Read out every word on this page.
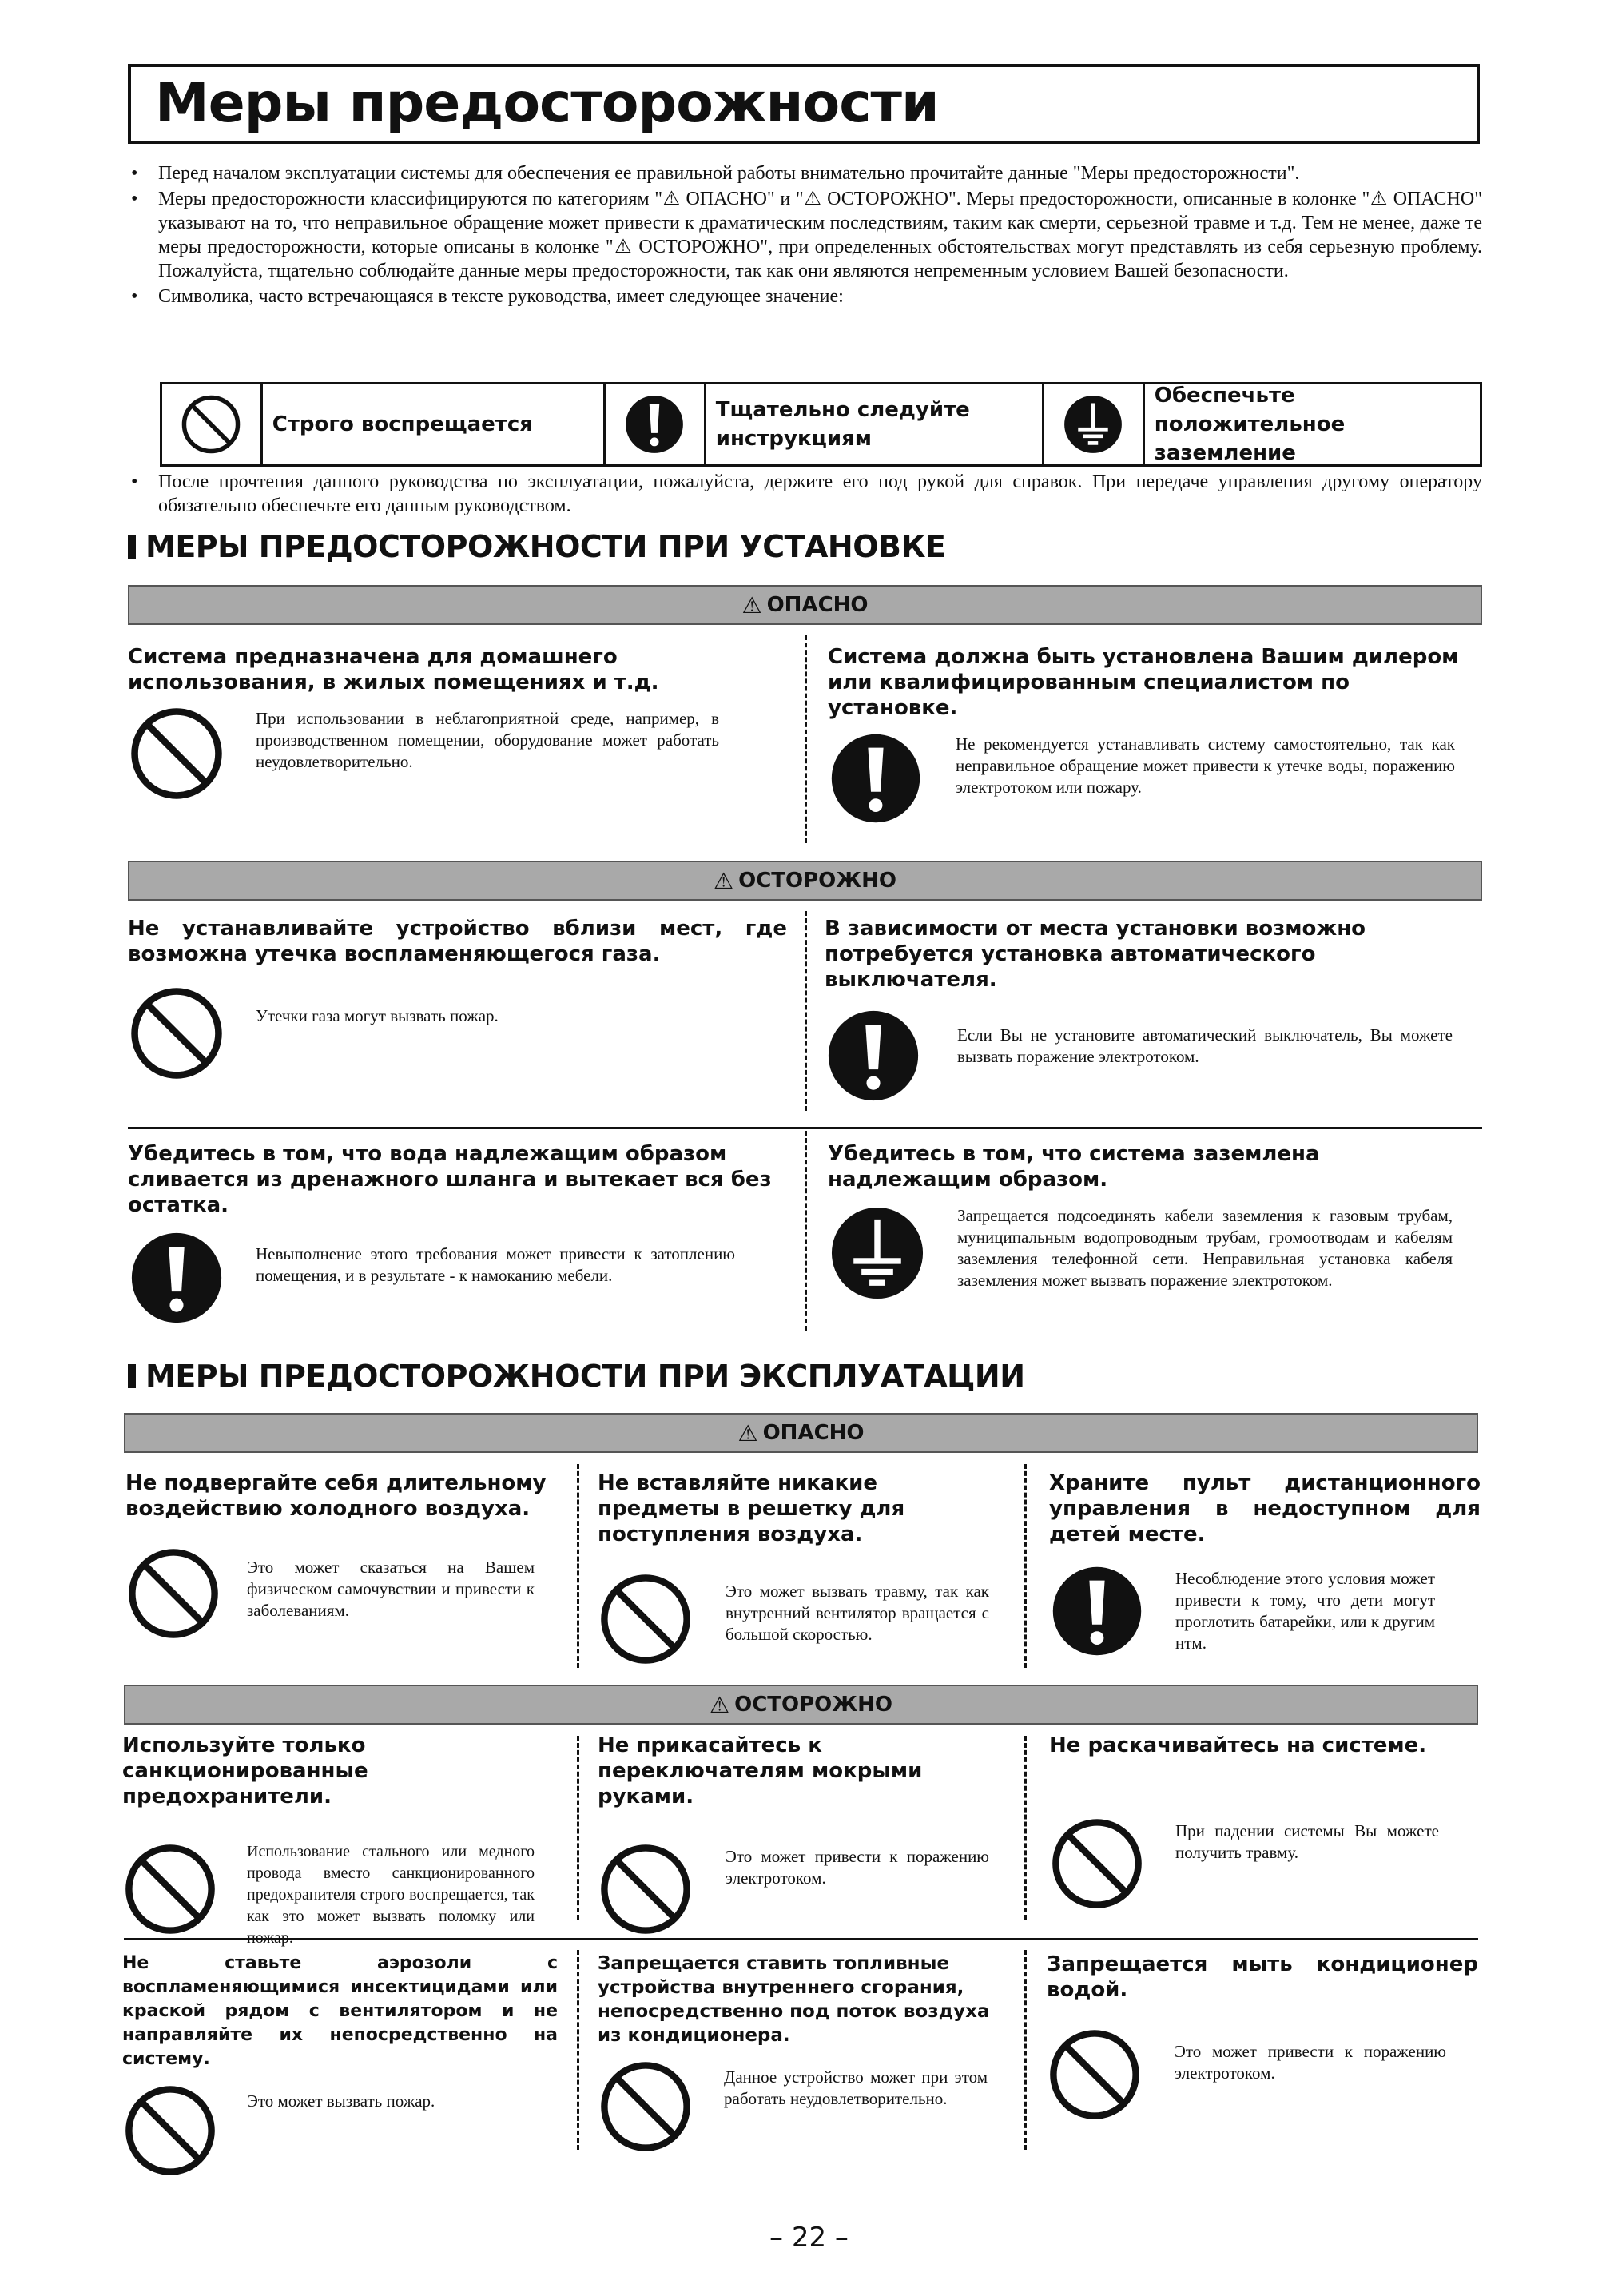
Меры предосторожности
• Перед началом эксплуатации системы для обеспечения ее правильной работы внимательно прочитайте данные "Меры предосторожности".
• Меры предосторожности классифицируются по категориям "⚠ ОПАСНО" и "⚠ ОСТОРОЖНО". Меры предосторожности, описанные в колонке "⚠ ОПАСНО" указывают на то, что неправильное обращение может привести к драматическим последствиям, таким как смерти, серьезной травме и т.д. Тем не менее, даже те меры предосторожности, которые описаны в колонке "⚠ ОСТОРОЖНО", при определенных обстоятельствах могут представлять из себя серьезную проблему. Пожалуйста, тщательно соблюдайте данные меры предосторожности, так как они являются непременным условием Вашей безопасности.
• Символика, часто встречающаяся в тексте руководства, имеет следующее значение:
Строго воспрещается
Тщательно следуйте инструкциям
Обеспечьте положительное заземление
• После прочтения данного руководства по эксплуатации, пожалуйста, держите его под рукой для справок. При передаче управления другому оператору обязательно обеспечьте его данным руководством.
МЕРЫ ПРЕДОСТОРОЖНОСТИ ПРИ УСТАНОВКЕ
⚠ ОПАСНО
Система предназначена для домашнего использования, в жилых помещениях и т.д.
При использовании в неблагоприятной среде, например, в производственном помещении, оборудование может работать неудовлетворительно.
Система должна быть установлена Вашим дилером или квалифицированным специалистом по установке.
Не рекомендуется устанавливать систему самостоятельно, так как неправильное обращение может привести к утечке воды, поражению электротоком или пожару.
⚠ ОСТОРОЖНО
Не устанавливайте устройство вблизи мест, где возможна утечка воспламеняющегося газа.
Утечки газа могут вызвать пожар.
В зависимости от места установки возможно потребуется установка автоматического выключателя.
Если Вы не установите автоматический выключатель, Вы можете вызвать поражение электротоком.
Убедитесь в том, что вода надлежащим образом сливается из дренажного шланга и вытекает вся без остатка.
Невыполнение этого требования может привести к затоплению помещения, и в результате - к намоканию мебели.
Убедитесь в том, что система заземлена надлежащим образом.
Запрещается подсоединять кабели заземления к газовым трубам, муниципальным водопроводным трубам, громоотводам и кабелям заземления телефонной сети. Неправильная установка кабеля заземления может вызвать поражение электротоком.
МЕРЫ ПРЕДОСТОРОЖНОСТИ ПРИ ЭКСПЛУАТАЦИИ
⚠ ОПАСНО
Не подвергайте себя длительному воздействию холодного воздуха.
Это может сказаться на Вашем физическом самочувствии и привести к заболеваниям.
Не вставляйте никакие предметы в решетку для поступления воздуха.
Это может вызвать травму, так как внутренний вентилятор вращается с большой скоростью.
Храните пульт дистанционного управления в недоступном для детей месте.
Несоблюдение этого условия может привести к тому, что дети могут проглотить батарейки, или к другим нтм.
⚠ ОСТОРОЖНО
Используйте только санкционированные предохранители.
Использование стального или медного провода вместо санкционированного предохранителя строго воспрещается, так как это может вызвать поломку или пожар.
Не прикасайтесь к переключателям мокрыми руками.
Это может привести к поражению электротоком.
Не раскачивайтесь на системе.
При падении системы Вы можете получить травму.
Не ставьте аэрозоли с воспламеняющимися инсектицидами или краской рядом с вентилятором и не направляйте их непосредственно на систему.
Это может вызвать пожар.
Запрещается ставить топливные устройства внутреннего сгорания, непосредственно под поток воздуха из кондиционера.
Данное устройство может при этом работать неудовлетворительно.
Запрещается мыть кондиционер водой.
Это может привести к поражению электротоком.
– 22 –
